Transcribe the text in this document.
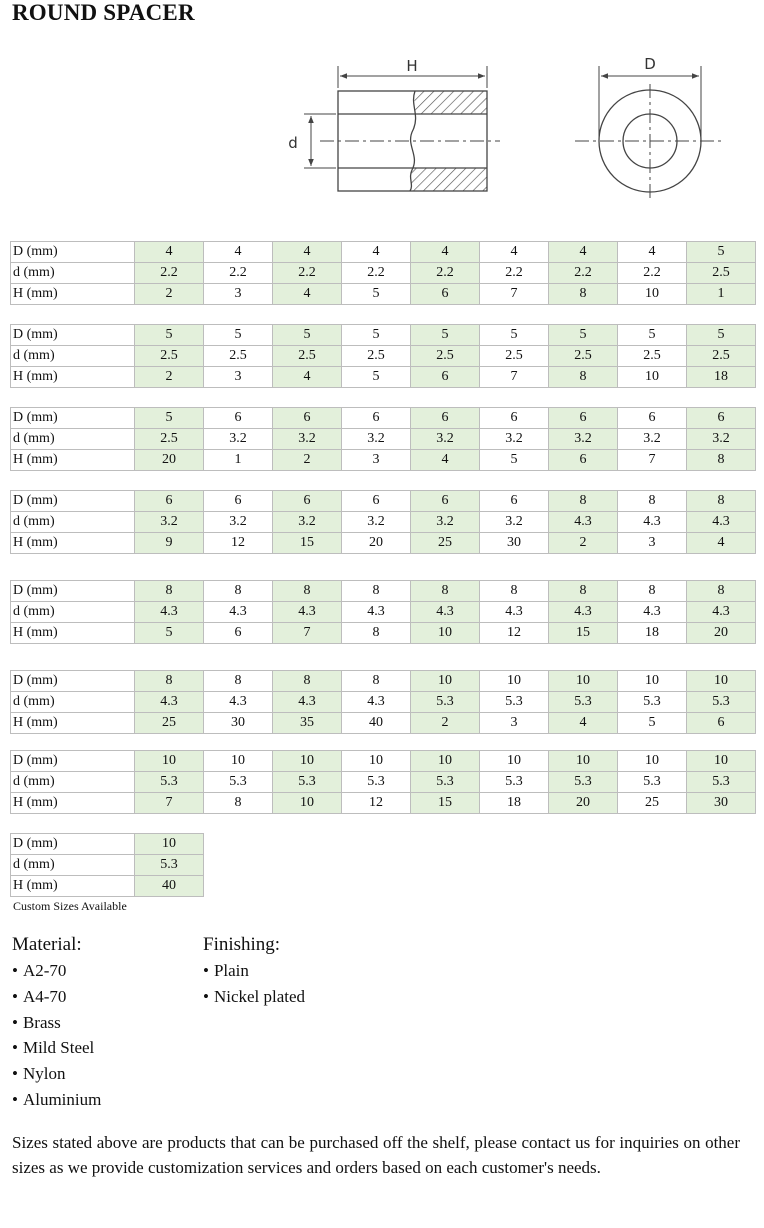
ROUND SPACER
H
d
D
D (mm)	4	4	4	4	4	4	4	4	5
d (mm)	2.2	2.2	2.2	2.2	2.2	2.2	2.2	2.2	2.5
H (mm)	2	3	4	5	6	7	8	10	1
D (mm)	5	5	5	5	5	5	5	5	5
d (mm)	2.5	2.5	2.5	2.5	2.5	2.5	2.5	2.5	2.5
H (mm)	2	3	4	5	6	7	8	10	18
D (mm)	5	6	6	6	6	6	6	6	6
d (mm)	2.5	3.2	3.2	3.2	3.2	3.2	3.2	3.2	3.2
H (mm)	20	1	2	3	4	5	6	7	8
D (mm)	6	6	6	6	6	6	8	8	8
d (mm)	3.2	3.2	3.2	3.2	3.2	3.2	4.3	4.3	4.3
H (mm)	9	12	15	20	25	30	2	3	4
D (mm)	8	8	8	8	8	8	8	8	8
d (mm)	4.3	4.3	4.3	4.3	4.3	4.3	4.3	4.3	4.3
H (mm)	5	6	7	8	10	12	15	18	20
D (mm)	8	8	8	8	10	10	10	10	10
d (mm)	4.3	4.3	4.3	4.3	5.3	5.3	5.3	5.3	5.3
H (mm)	25	30	35	40	2	3	4	5	6
D (mm)	10	10	10	10	10	10	10	10	10
d (mm)	5.3	5.3	5.3	5.3	5.3	5.3	5.3	5.3	5.3
H (mm)	7	8	10	12	15	18	20	25	30
D (mm)	10
d (mm)	5.3
H (mm)	40
Custom Sizes Available
Material:
• A2-70
• A4-70
• Brass
• Mild Steel
• Nylon
• Aluminium
Finishing:
• Plain
• Nickel plated

Sizes stated above are products that can be purchased off the shelf, please contact us for inquiries on other sizes as we provide customization services and orders based on each customer's needs.
